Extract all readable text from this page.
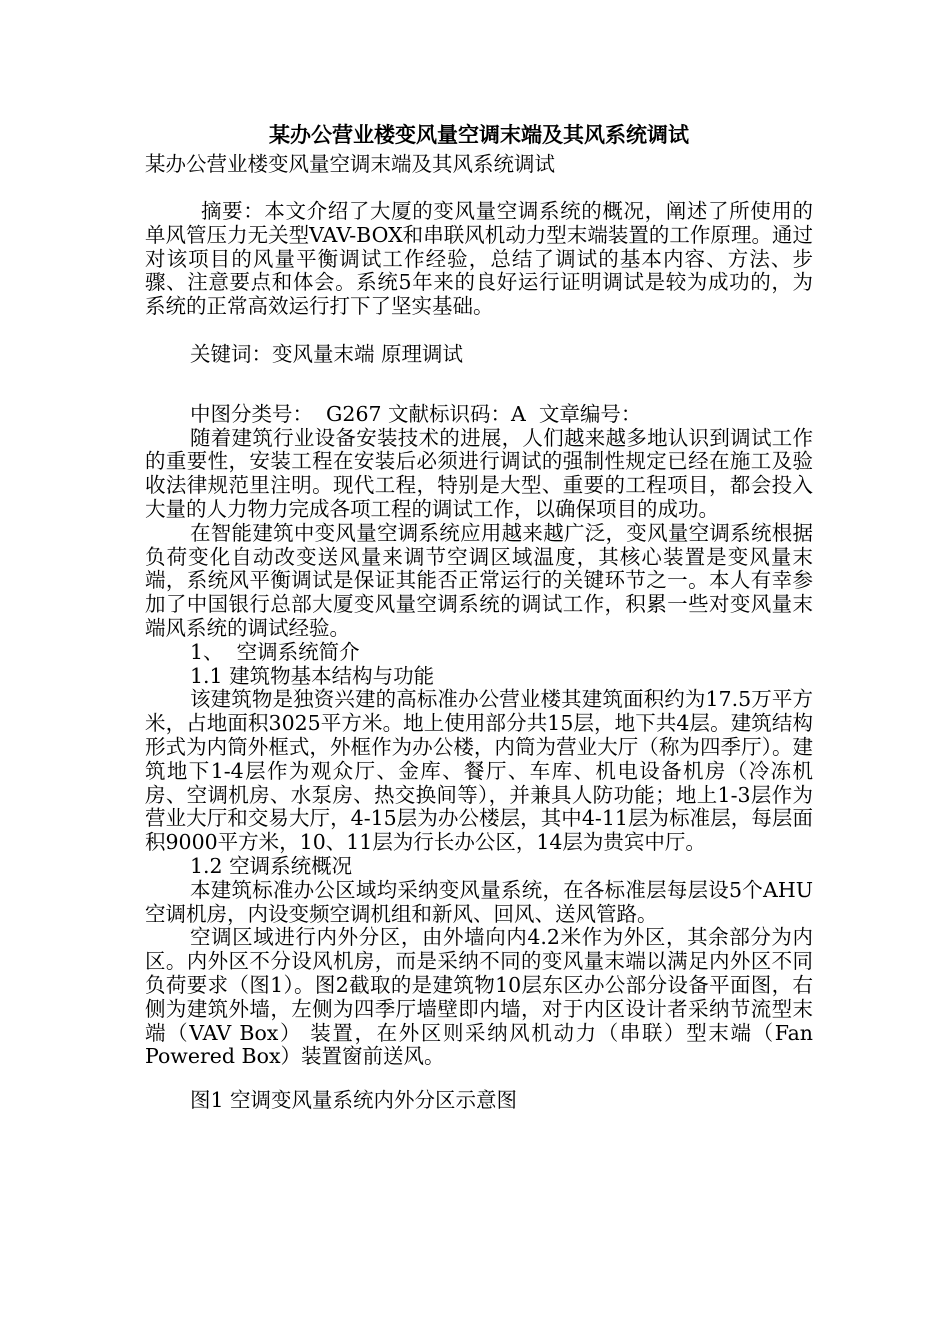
某办公营业楼变风量空调末端及其风系统调试

某办公营业楼变风量空调末端及其风系统调试

摘要：本文介绍了大厦的变风量空调系统的概况，阐述了所使用的单风管压力无关型VAV-BOX和串联风机动力型末端装置的工作原理。通过对该项目的风量平衡调试工作经验，总结了调试的基本内容、方法、步骤、注意要点和体会。系统5年来的良好运行证明调试是较为成功的，为系统的正常高效运行打下了坚实基础。

关键词：变风量末端 原理调试

中图分类号：  G267 文献标识码：A  文章编号：

随着建筑行业设备安装技术的进展，人们越来越多地认识到调试工作的重要性，安装工程在安装后必须进行调试的强制性规定已经在施工及验收法律规范里注明。现代工程，特别是大型、重要的工程项目，都会投入大量的人力物力完成各项工程的调试工作，以确保项目的成功。

在智能建筑中变风量空调系统应用越来越广泛，变风量空调系统根据负荷变化自动改变送风量来调节空调区域温度，其核心装置是变风量末端，系统风平衡调试是保证其能否正常运行的关键环节之一。本人有幸参加了中国银行总部大厦变风量空调系统的调试工作，积累一些对变风量末端风系统的调试经验。

1、  空调系统简介

1.1 建筑物基本结构与功能

该建筑物是独资兴建的高标准办公营业楼其建筑面积约为17.5万平方米，占地面积3025平方米。地上使用部分共15层，地下共4层。建筑结构形式为内筒外框式，外框作为办公楼，内筒为营业大厅（称为四季厅）。建筑地下1-4层作为观众厅、金库、餐厅、车库、机电设备机房（冷冻机房、空调机房、水泵房、热交换间等），并兼具人防功能；地上1-3层作为营业大厅和交易大厅，4-15层为办公楼层，其中4-11层为标准层，每层面积9000平方米，10、11层为行长办公区，14层为贵宾中厅。

1.2 空调系统概况

本建筑标准办公区域均采纳变风量系统，在各标准层每层设5个AHU空调机房，内设变频空调机组和新风、回风、送风管路。

空调区域进行内外分区，由外墙向内4.2米作为外区，其余部分为内区。内外区不分设风机房，而是采纳不同的变风量末端以满足内外区不同负荷要求（图1）。图2截取的是建筑物10层东区办公部分设备平面图，右侧为建筑外墙，左侧为四季厅墙壁即内墙，对于内区设计者采纳节流型末端（VAV Box） 装置，在外区则采纳风机动力（串联）型末端（Fan Powered Box）装置窗前送风。

图1 空调变风量系统内外分区示意图
